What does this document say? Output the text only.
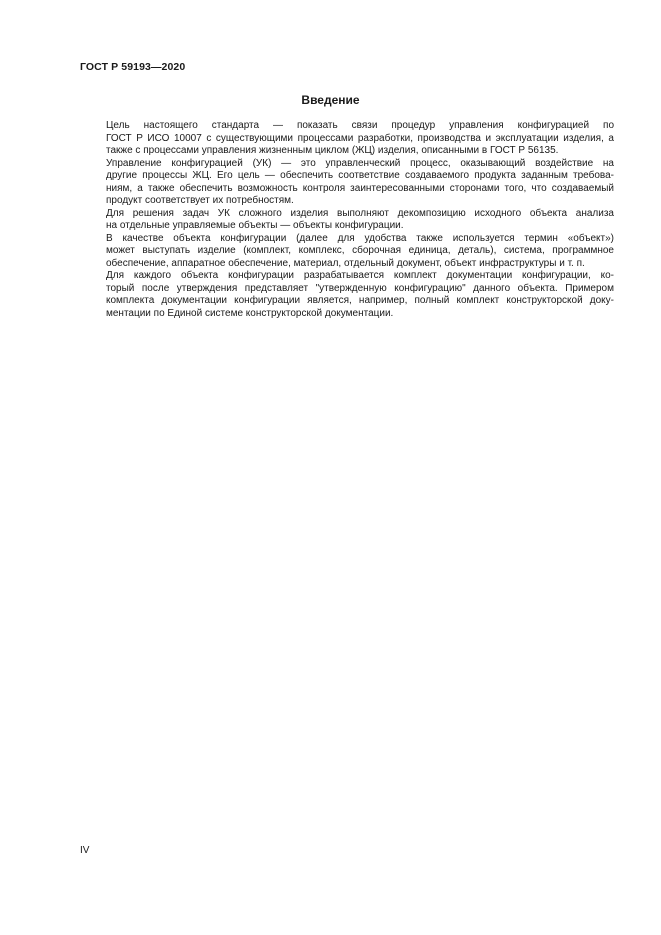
ГОСТ Р 59193—2020
Введение
Цель настоящего стандарта — показать связи процедур управления конфигурацией по
ГОСТ Р ИСО 10007 с существующими процессами разработки, производства и эксплуатации изделия, а
также с процессами управления жизненным циклом (ЖЦ) изделия, описанными в ГОСТ Р 56135.
Управление конфигурацией (УК) — это управленческий процесс, оказывающий воздействие на
другие процессы ЖЦ. Его цель — обеспечить соответствие создаваемого продукта заданным требова-
ниям, а также обеспечить возможность контроля заинтересованными сторонами того, что создаваемый
продукт соответствует их потребностям.
Для решения задач УК сложного изделия выполняют декомпозицию исходного объекта анализа
на отдельные управляемые объекты — объекты конфигурации.
В качестве объекта конфигурации (далее для удобства также используется термин «объект»)
может выступать изделие (комплект, комплекс, сборочная единица, деталь), система, программное
обеспечение, аппаратное обеспечение, материал, отдельный документ, объект инфраструктуры и т. п.
Для каждого объекта конфигурации разрабатывается комплект документации конфигурации, ко-
торый после утверждения представляет "утвержденную конфигурацию" данного объекта. Примером
комплекта документации конфигурации является, например, полный комплект конструкторской доку-
ментации по Единой системе конструкторской документации.
IV
